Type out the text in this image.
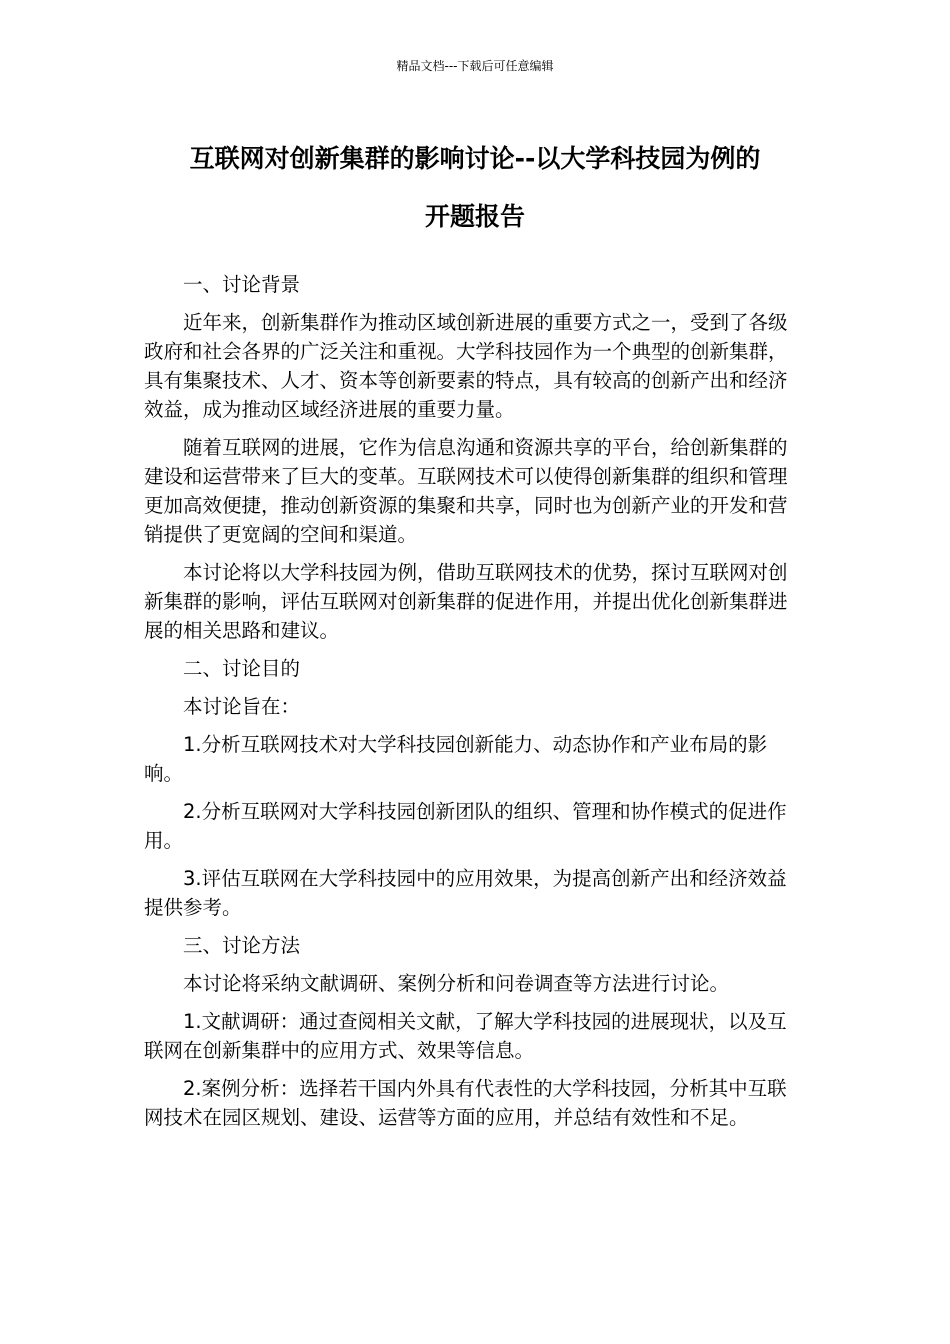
精品文档---下载后可任意编辑
互联网对创新集群的影响讨论--以大学科技园为例的
开题报告

一、讨论背景

近年来，创新集群作为推动区域创新进展的重要方式之一，受到了各级政府和社会各界的广泛关注和重视。大学科技园作为一个典型的创新集群，具有集聚技术、人才、资本等创新要素的特点，具有较高的创新产出和经济效益，成为推动区域经济进展的重要力量。

随着互联网的进展，它作为信息沟通和资源共享的平台，给创新集群的建设和运营带来了巨大的变革。互联网技术可以使得创新集群的组织和管理更加高效便捷，推动创新资源的集聚和共享，同时也为创新产业的开发和营销提供了更宽阔的空间和渠道。

本讨论将以大学科技园为例，借助互联网技术的优势，探讨互联网对创新集群的影响，评估互联网对创新集群的促进作用，并提出优化创新集群进展的相关思路和建议。

二、讨论目的

本讨论旨在：

1.分析互联网技术对大学科技园创新能力、动态协作和产业布局的影响。

2.分析互联网对大学科技园创新团队的组织、管理和协作模式的促进作用。

3.评估互联网在大学科技园中的应用效果，为提高创新产出和经济效益提供参考。

三、讨论方法

本讨论将采纳文献调研、案例分析和问卷调查等方法进行讨论。

1.文献调研：通过查阅相关文献，了解大学科技园的进展现状，以及互联网在创新集群中的应用方式、效果等信息。

2.案例分析：选择若干国内外具有代表性的大学科技园，分析其中互联网技术在园区规划、建设、运营等方面的应用，并总结有效性和不足。
